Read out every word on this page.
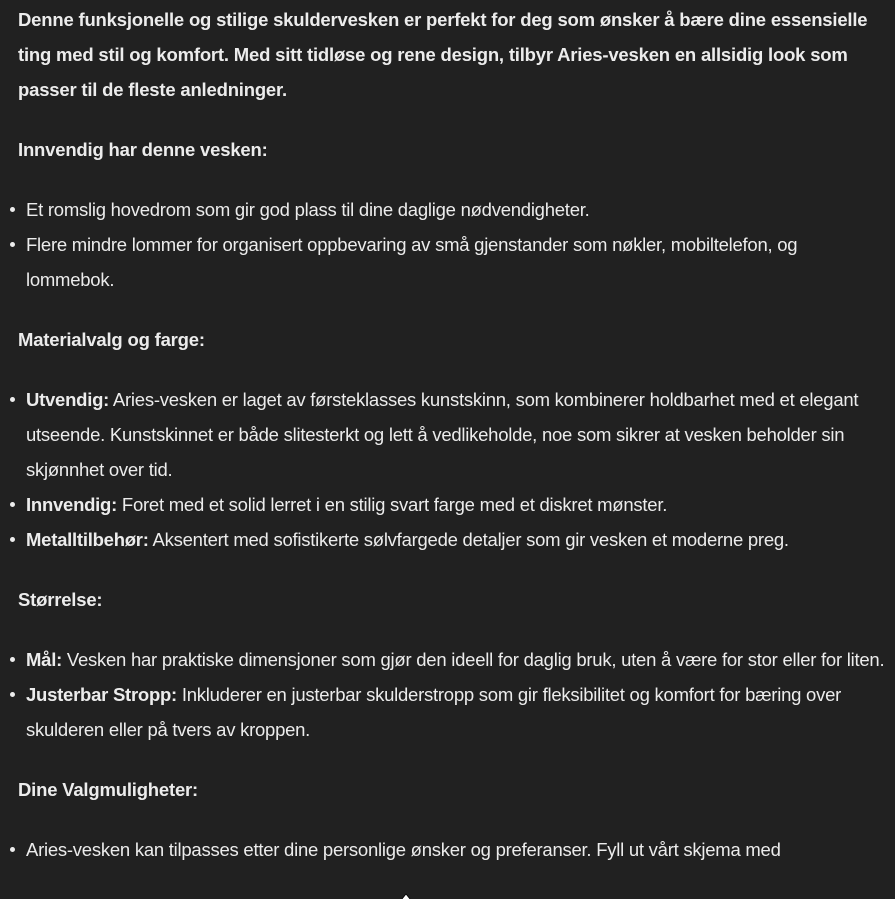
Denne funksjonelle og stilige skuldervesken er perfekt for deg som ønsker å bære dine essensielle ting med stil og komfort. Med sitt tidløse og rene design, tilbyr Aries-vesken en allsidig look som passer til de fleste anledninger.

Innvendig har denne vesken:

Et romslig hovedrom som gir god plass til dine daglige nødvendigheter.
Flere mindre lommer for organisert oppbevaring av små gjenstander som nøkler, mobiltelefon, og lommebok.

Materialvalg og farge:

Utvendig: Aries-vesken er laget av førsteklasses kunstskinn, som kombinerer holdbarhet med et elegant utseende. Kunstskinnet er både slitesterkt og lett å vedlikeholde, noe som sikrer at vesken beholder sin skjønnhet over tid.
Innvendig: Foret med et solid lerret i en stilig svart farge med et diskret mønster.
Metalltilbehør: Aksentert med sofistikerte sølvfargede detaljer som gir vesken et moderne preg.

Størrelse:

Mål: Vesken har praktiske dimensjoner som gjør den ideell for daglig bruk, uten å være for stor eller for liten.
Justerbar Stropp: Inkluderer en justerbar skulderstropp som gir fleksibilitet og komfort for bæring over skulderen eller på tvers av kroppen.

Dine Valgmuligheter:

Aries-vesken kan tilpasses etter dine personlige ønsker og preferanser. Fyll ut vårt skjema med
